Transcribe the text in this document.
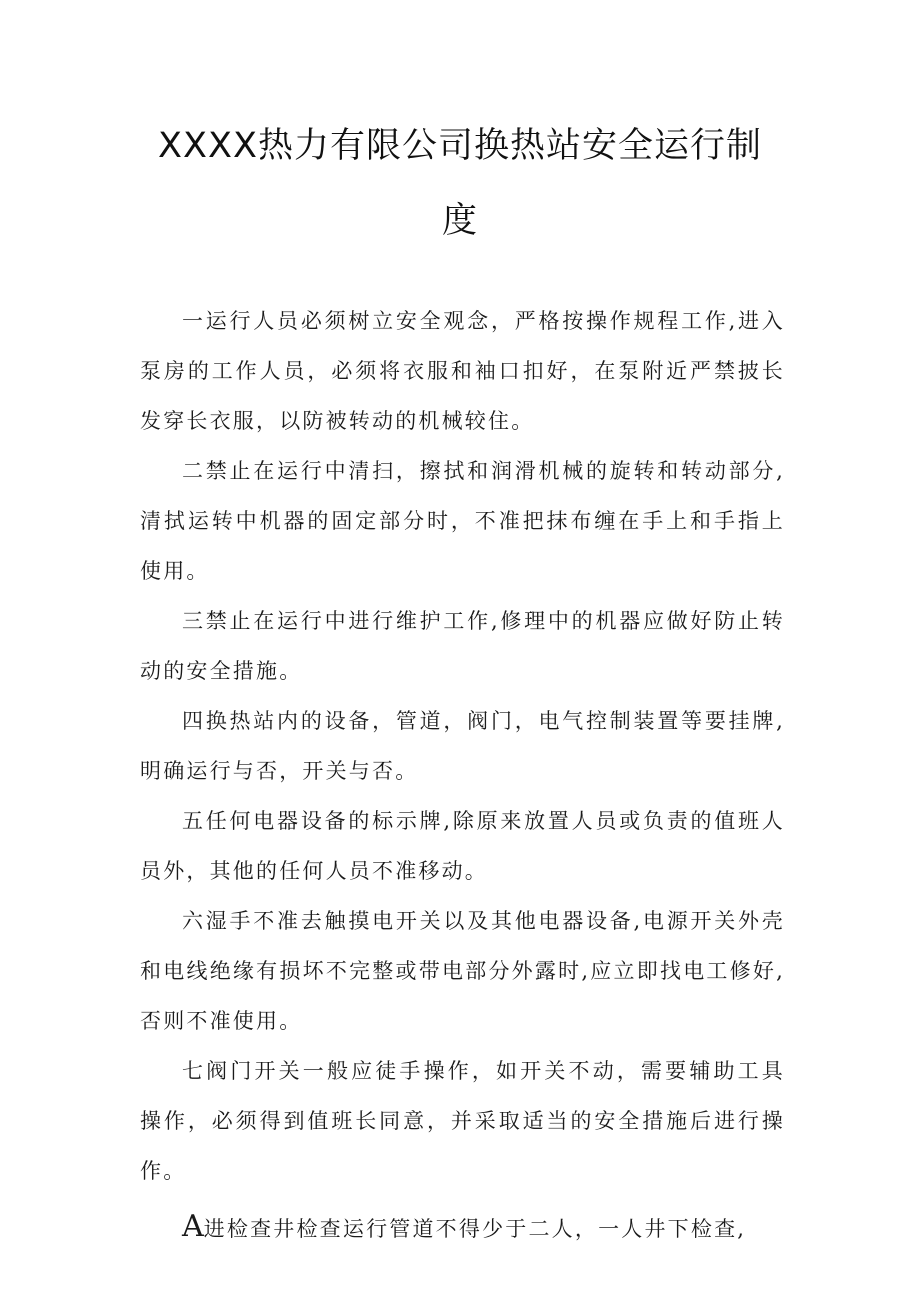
XXXX热力有限公司换热站安全运行制
度

一运行人员必须树立安全观念，严格按操作规程工作,进入泵房的工作人员，必须将衣服和袖口扣好，在泵附近严禁披长发穿长衣服，以防被转动的机械较住。

二禁止在运行中清扫，擦拭和润滑机械的旋转和转动部分,清拭运转中机器的固定部分时，不准把抹布缠在手上和手指上使用。

三禁止在运行中进行维护工作,修理中的机器应做好防止转动的安全措施。

四换热站内的设备，管道，阀门，电气控制装置等要挂牌,明确运行与否，开关与否。

五任何电器设备的标示牌,除原来放置人员或负责的值班人员外，其他的任何人员不准移动。

六湿手不准去触摸电开关以及其他电器设备,电源开关外壳和电线绝缘有损坏不完整或带电部分外露时,应立即找电工修好,否则不准使用。

七阀门开关一般应徒手操作，如开关不动，需要辅助工具操作，必须得到值班长同意，并采取适当的安全措施后进行操作。

A进检查井检查运行管道不得少于二人，一人井下检查,
